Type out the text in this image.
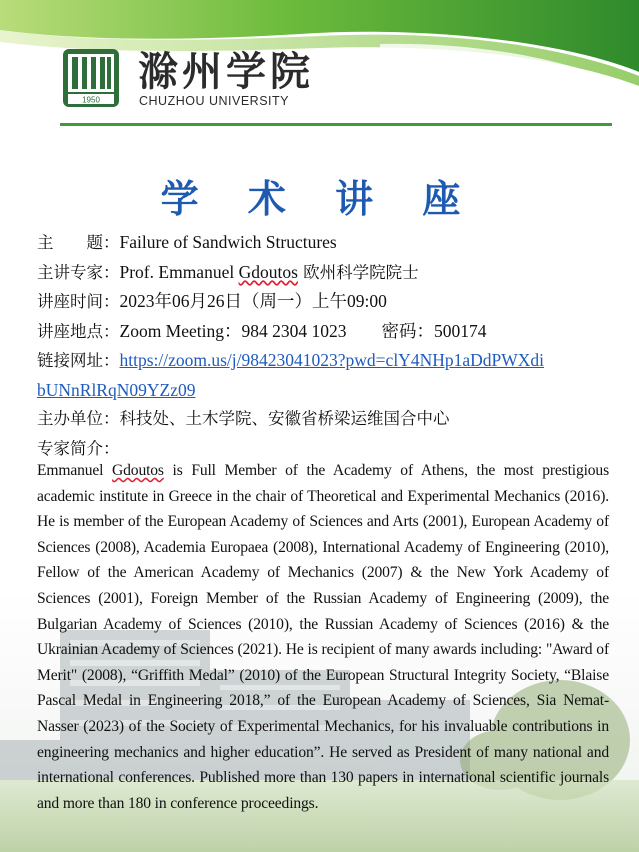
1950
滁州学院
CHUZHOU UNIVERSITY
学 术 讲 座
主　　题：Failure of Sandwich Structures
主讲专家：Prof. Emmanuel Gdoutos 欧州科学院院士
讲座时间：2023年06月26日（周一）上午09:00
讲座地点：Zoom Meeting：984 2304 1023　　密码：500174
链接网址：https://zoom.us/j/98423041023?pwd=clY4NHp1aDdPWXdi
bUNnRlRqN09YZz09
主办单位：科技处、土木学院、安徽省桥梁运维国合中心
专家简介：

Emmanuel Gdoutos is Full Member of the Academy of Athens, the most prestigious academic institute in Greece in the chair of Theoretical and Experimental Mechanics (2016). He is member of the European Academy of Sciences and Arts (2001), European Academy of Sciences (2008), Academia Europaea (2008), International Academy of Engineering (2010), Fellow of the American Academy of Mechanics (2007) & the New York Academy of Sciences (2001), Foreign Member of the Russian Academy of Engineering (2009), the Bulgarian Academy of Sciences (2010), the Russian Academy of Sciences (2016) & the Ukrainian Academy of Sciences (2021). He is recipient of many awards including: "Award of Merit" (2008), “Griffith Medal” (2010) of the European Structural Integrity Society, “Blaise Pascal Medal in Engineering 2018,” of the European Academy of Sciences, Sia Nemat-Nasser (2023) of the Society of Experimental Mechanics, for his invaluable contributions in engineering mechanics and higher education”. He served as President of many national and international conferences. Published more than 130 papers in international scientific journals and more than 180 in conference proceedings.
